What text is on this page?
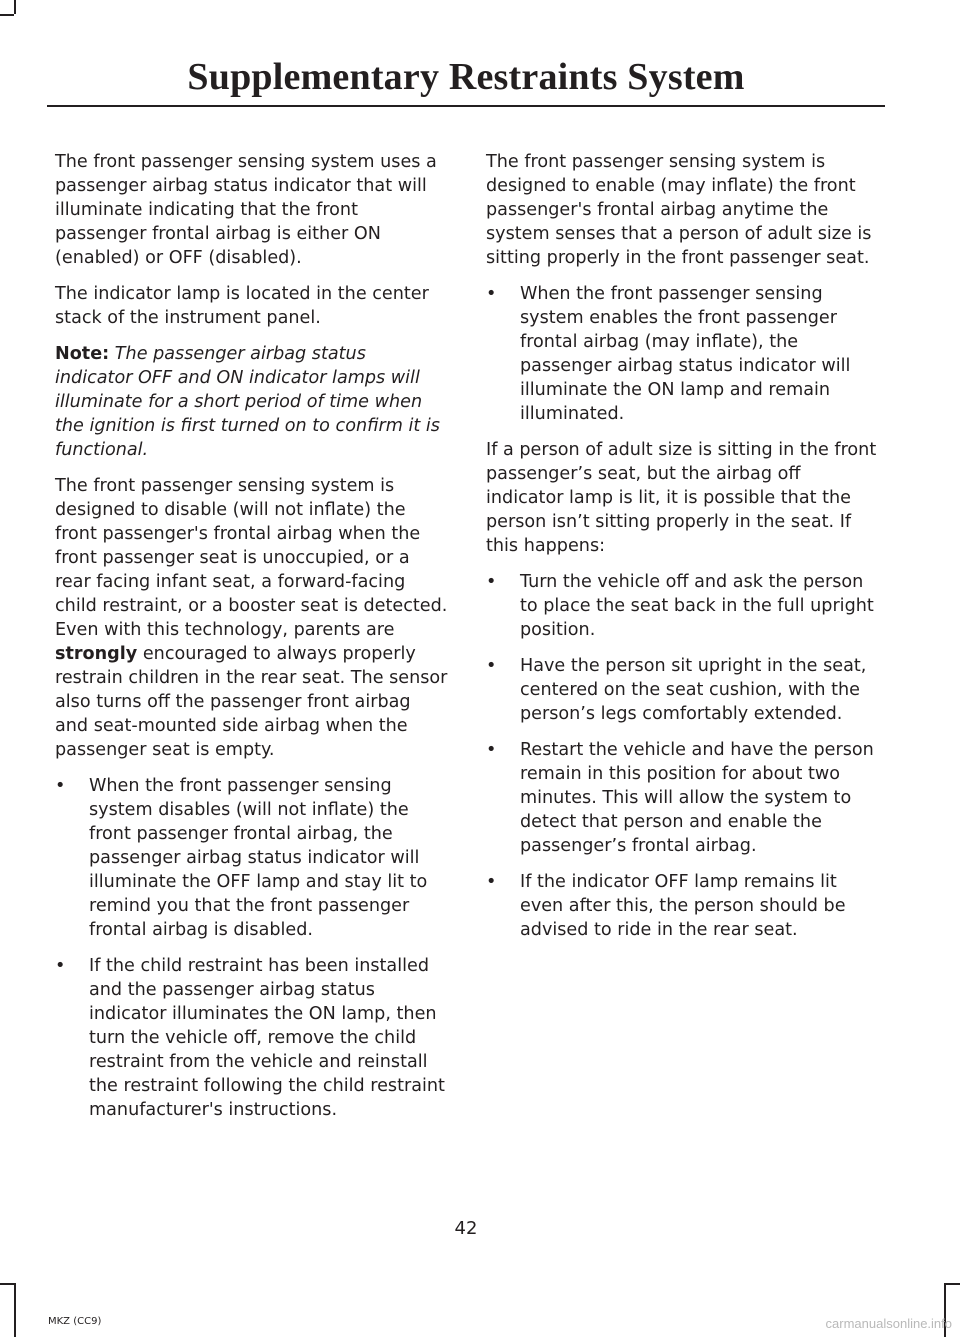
Supplementary Restraints System

The front passenger sensing system uses a passenger airbag status indicator that will illuminate indicating that the front passenger frontal airbag is either ON (enabled) or OFF (disabled).

The indicator lamp is located in the center stack of the instrument panel.

Note: The passenger airbag status indicator OFF and ON indicator lamps will illuminate for a short period of time when the ignition is first turned on to confirm it is functional.

The front passenger sensing system is designed to disable (will not inflate) the front passenger's frontal airbag when the front passenger seat is unoccupied, or a rear facing infant seat, a forward-facing child restraint, or a booster seat is detected. Even with this technology, parents are strongly encouraged to always properly restrain children in the rear seat. The sensor also turns off the passenger front airbag and seat-mounted side airbag when the passenger seat is empty.

• When the front passenger sensing system disables (will not inflate) the front passenger frontal airbag, the passenger airbag status indicator will illuminate the OFF lamp and stay lit to remind you that the front passenger frontal airbag is disabled.
• If the child restraint has been installed and the passenger airbag status indicator illuminates the ON lamp, then turn the vehicle off, remove the child restraint from the vehicle and reinstall the restraint following the child restraint manufacturer's instructions.

The front passenger sensing system is designed to enable (may inflate) the front passenger's frontal airbag anytime the system senses that a person of adult size is sitting properly in the front passenger seat.

• When the front passenger sensing system enables the front passenger frontal airbag (may inflate), the passenger airbag status indicator will illuminate the ON lamp and remain illuminated.

If a person of adult size is sitting in the front passenger’s seat, but the airbag off indicator lamp is lit, it is possible that the person isn’t sitting properly in the seat. If this happens:

• Turn the vehicle off and ask the person to place the seat back in the full upright position.
• Have the person sit upright in the seat, centered on the seat cushion, with the person’s legs comfortably extended.
• Restart the vehicle and have the person remain in this position for about two minutes. This will allow the system to detect that person and enable the passenger’s frontal airbag.
• If the indicator OFF lamp remains lit even after this, the person should be advised to ride in the rear seat.
42
MKZ (CC9)	carmanualsonline.info
